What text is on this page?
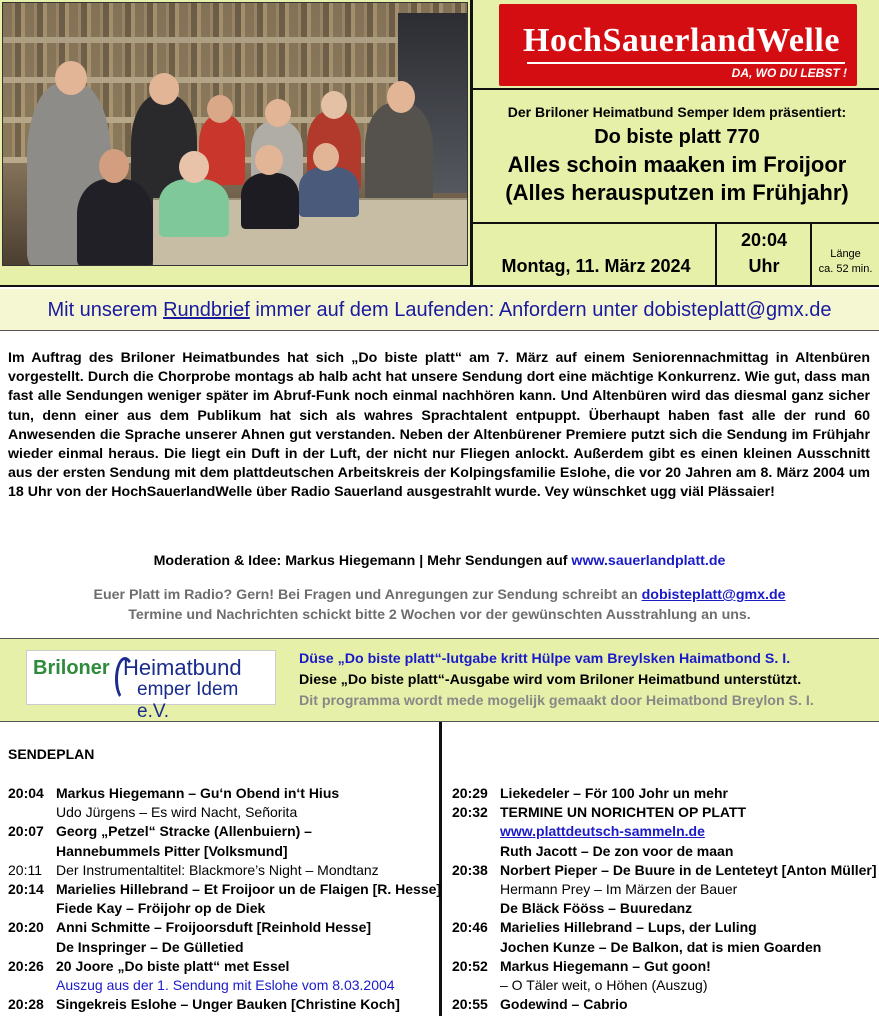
HochSauerlandWelle
DA, WO DU LEBST !
Der Briloner Heimatbund Semper Idem präsentiert:
Do biste platt 770
Alles schoin maaken im Froijoor
(Alles herausputzen im Frühjahr)
Montag, 11. März 2024
20:04
Uhr
Länge
ca. 52 min.
Mit unserem Rundbrief immer auf dem Laufenden: Anfordern unter dobisteplatt@gmx.de
Im Auftrag des Briloner Heimatbundes hat sich „Do biste platt“ am 7. März auf einem Seniorennachmittag in Altenbüren vorgestellt. Durch die Chorprobe montags ab halb acht hat unsere Sendung dort eine mächtige Konkurrenz. Wie gut, dass man fast alle Sendungen weniger später im Abruf-Funk noch einmal nachhören kann. Und Altenbüren wird das diesmal ganz sicher tun, denn einer aus dem Publikum hat sich als wahres Sprachtalent entpuppt. Überhaupt haben fast alle der rund 60 Anwesenden die Sprache unserer Ahnen gut verstanden. Neben der Altenbürener Premiere putzt sich die Sendung im Frühjahr wieder einmal heraus. Die liegt ein Duft in der Luft, der nicht nur Fliegen anlockt. Außerdem gibt es einen kleinen Ausschnitt aus der ersten Sendung mit dem plattdeutschen Arbeitskreis der Kolpingsfamilie Eslohe, die vor 20 Jahren am 8. März 2004 um 18 Uhr von der HochSauerlandWelle über Radio Sauerland ausgestrahlt wurde. Vey wünschket ugg viäl Plässaier!
Moderation & Idee: Markus Hiegemann | Mehr Sendungen auf www.sauerlandplatt.de
Euer Platt im Radio? Gern! Bei Fragen und Anregungen zur Sendung schreibt an dobisteplatt@gmx.de
Termine und Nachrichten schickt bitte 2 Wochen vor der gewünschten Ausstrahlung an uns.
Briloner Heimatbund
emper Idem e.V.
Düse „Do biste platt“-lutgabe kritt Hülpe vam Breylsken Haimatbond S. I.
Diese „Do biste platt“-Ausgabe wird vom Briloner Heimatbund unterstützt.
Dit programma wordt mede mogelijk gemaakt door Heimatbond Breylon S. I.
SENDEPLAN
20:04 Markus Hiegemann – Gu‘n Obend in‘t Hius
Udo Jürgens – Es wird Nacht, Señorita
20:07 Georg „Petzel“ Stracke (Allenbuiern) –
Hannebummels Pitter [Volksmund]
20:11 Der Instrumentaltitel: Blackmore’s Night – Mondtanz
20:14 Marielies Hillebrand – Et Froijoor un de Flaigen [R. Hesse]
Fiede Kay – Fröijohr op de Diek
20:20 Anni Schmitte – Froijoorsduft [Reinhold Hesse]
De Inspringer – De Gülletied
20:26 20 Joore „Do biste platt“ met Essel
Auszug aus der 1. Sendung mit Eslohe vom 8.03.2004
20:28 Singekreis Eslohe – Unger Bauken [Christine Koch]
20:29 Liekedeler – För 100 Johr un mehr
20:32 TERMINE UN NORICHTEN OP PLATT
www.plattdeutsch-sammeln.de
Ruth Jacott – De zon voor de maan
20:38 Norbert Pieper – De Buure in de Lenteteyt [Anton Müller]
Hermann Prey – Im Märzen der Bauer
De Bläck Fööss – Buuredanz
20:46 Marielies Hillebrand – Lups, der Luling
Jochen Kunze – De Balkon, dat is mien Goarden
20:52 Markus Hiegemann – Gut goon!
– O Täler weit, o Höhen (Auszug)
20:55 Godewind – Cabrio
